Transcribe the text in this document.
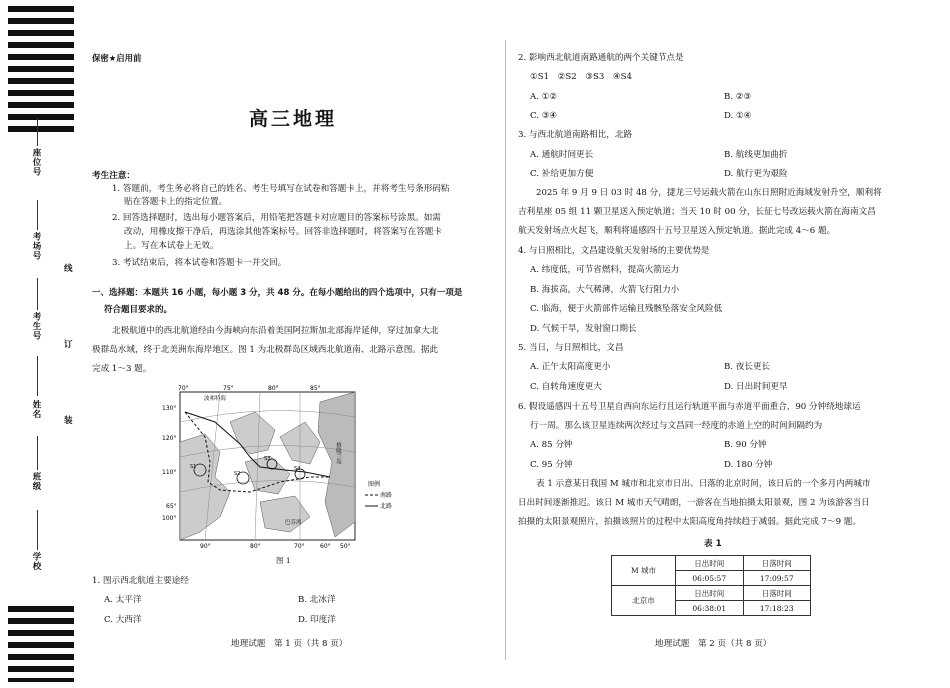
座位号
考场号
考生号
姓名
班级
学校
线
订
装
保密★启用前
高三地理
考生注意：
1. 答题前，考生务必将自己的姓名、考生号填写在试卷和答题卡上，并将考生号条形码粘
贴在答题卡上的指定位置。
2. 回答选择题时，选出每小题答案后，用铅笔把答题卡对应题目的答案标号涂黑。如需
改动，用橡皮擦干净后，再选涂其他答案标号。回答非选择题时，将答案写在答题卡
上。写在本试卷上无效。
3. 考试结束后，将本试卷和答题卡一并交回。
一、选择题：本题共 16 小题，每小题 3 分，共 48 分。在每小题给出的四个选项中，只有一项是
符合题目要求的。
北极航道中的西北航道经由今海峡向东沿着美国阿拉斯加北部海岸延伸，穿过加拿大北
极群岛水域，终于北美洲东海岸地区。图 1 为北极群岛区域西北航道南、北路示意图。据此
完成 1～3 题。
70°	75°	80°	85°
130°
120°
110°
65°
100°
90°	80°	70°	60° 50°
波弗特海
巴芬湾
格陵兰岛
S1
S2
S3
S4
图例
南路
北路
图 1
1. 图示西北航道主要途经
A. 太平洋	B. 北冰洋
C. 大西洋	D. 印度洋
地理试题　第 1 页（共 8 页）
2. 影响西北航道南路通航的两个关键节点是
①S1　②S2　③S3　④S4
A. ①②	B. ②③
C. ③④	D. ①④
3. 与西北航道南路相比，北路
A. 通航时间更长	B. 航线更加曲折
C. 补给更加方便	D. 航行更为艰险
2025 年 9 月 9 日 03 时 48 分，捷龙三号运载火箭在山东日照附近海域发射升空，顺利将
吉利星座 05 组 11 颗卫星送入预定轨道；当天 10 时 00 分，长征七号改运载火箭在海南文昌
航天发射场点火起飞，顺利将遥感四十五号卫星送入预定轨道。据此完成 4～6 题。
4. 与日照相比，文昌建设航天发射场的主要优势是
A. 纬度低，可节省燃料，提高火箭运力
B. 海拔高，大气稀薄，火箭飞行阻力小
C. 临海，便于火箭部件运输且残骸坠落安全风险低
D. 气候干旱，发射窗口期长
5. 当日，与日照相比，文昌
A. 正午太阳高度更小	B. 夜长更长
C. 自转角速度更大	D. 日出时间更早
6. 假设遥感四十五号卫星自西向东运行且运行轨道平面与赤道平面重合，90 分钟绕地球运
行一周。那么该卫星连续两次经过与文昌同一经度的赤道上空的时间间隔约为
A. 85 分钟	B. 90 分钟
C. 95 分钟	D. 180 分钟
表 1 示意某日我国 M 城市和北京市日出、日落的北京时间，该日后的一个多月内两城市
日出时间逐渐推迟。该日 M 城市天气晴朗，一游客在当地拍摄太阳景观，图 2 为该游客当日
拍摄的太阳景观照片，拍摄该照片的过程中太阳高度角持续趋于减弱。据此完成 7～9 题。
表 1
M 城市	日出时间	日落时间
	06:05:57	17:09:57
北京市	日出时间	日落时间
	06:38:01	17:18:23
地理试题　第 2 页（共 8 页）
